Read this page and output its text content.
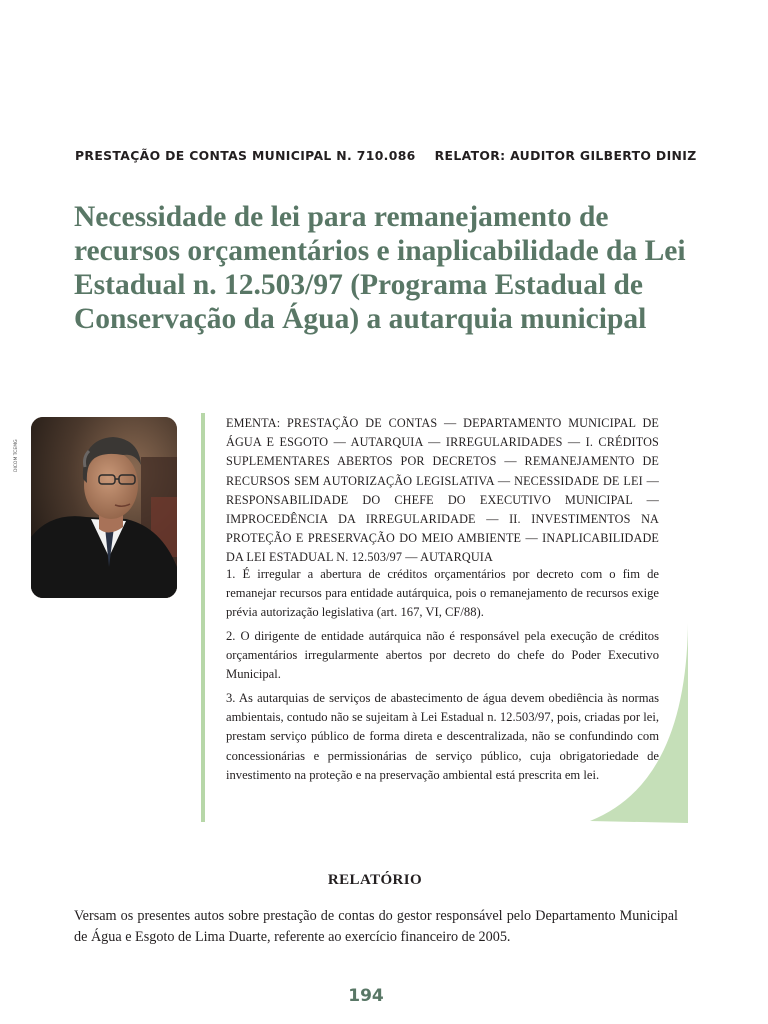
PRESTAÇÃO DE CONTAS MUNICIPAL N. 710.086 RELATOR: AUDITOR GILBERTO DINIZ
Necessidade de lei para remanejamento de recursos orçamentários e inaplicabilidade da Lei Estadual n. 12.503/97 (Programa Estadual de Conservação da Água) a autarquia municipal
DICOM TCEMG

EMENTA: PRESTAÇÃO DE CONTAS — DEPARTAMENTO MUNICIPAL DE ÁGUA E ESGOTO — AUTARQUIA — IRREGULARIDADES — I. CRÉDITOS SUPLEMENTARES ABERTOS POR DECRETOS — REMANEJAMENTO DE RECURSOS SEM AUTORIZAÇÃO LEGISLATIVA — NECESSIDADE DE LEI — RESPONSABILIDADE DO CHEFE DO EXECUTIVO MUNICIPAL — IMPROCEDÊNCIA DA IRREGULARIDADE — II. INVESTIMENTOS NA PROTEÇÃO E PRESERVAÇÃO DO MEIO AMBIENTE — INAPLICABILIDADE DA LEI ESTADUAL N. 12.503/97 — AUTARQUIA

1. É irregular a abertura de créditos orçamentários por decreto com o fim de remanejar recursos para entidade autárquica, pois o remanejamento de recursos exige prévia autorização legislativa (art. 167, VI, CF/88).

2. O dirigente de entidade autárquica não é responsável pela execução de créditos orçamentários irregularmente abertos por decreto do chefe do Poder Executivo Municipal.

3. As autarquias de serviços de abastecimento de água devem obediência às normas ambientais, contudo não se sujeitam à Lei Estadual n. 12.503/97, pois, criadas por lei, prestam serviço público de forma direta e descentralizada, não se confundindo com concessionárias e permissionárias de serviço público, cuja obrigatoriedade de investimento na proteção e na preservação ambiental está prescrita em lei.

RELATÓRIO

Versam os presentes autos sobre prestação de contas do gestor responsável pelo Departamento Municipal de Água e Esgoto de Lima Duarte, referente ao exercício financeiro de 2005.

194
